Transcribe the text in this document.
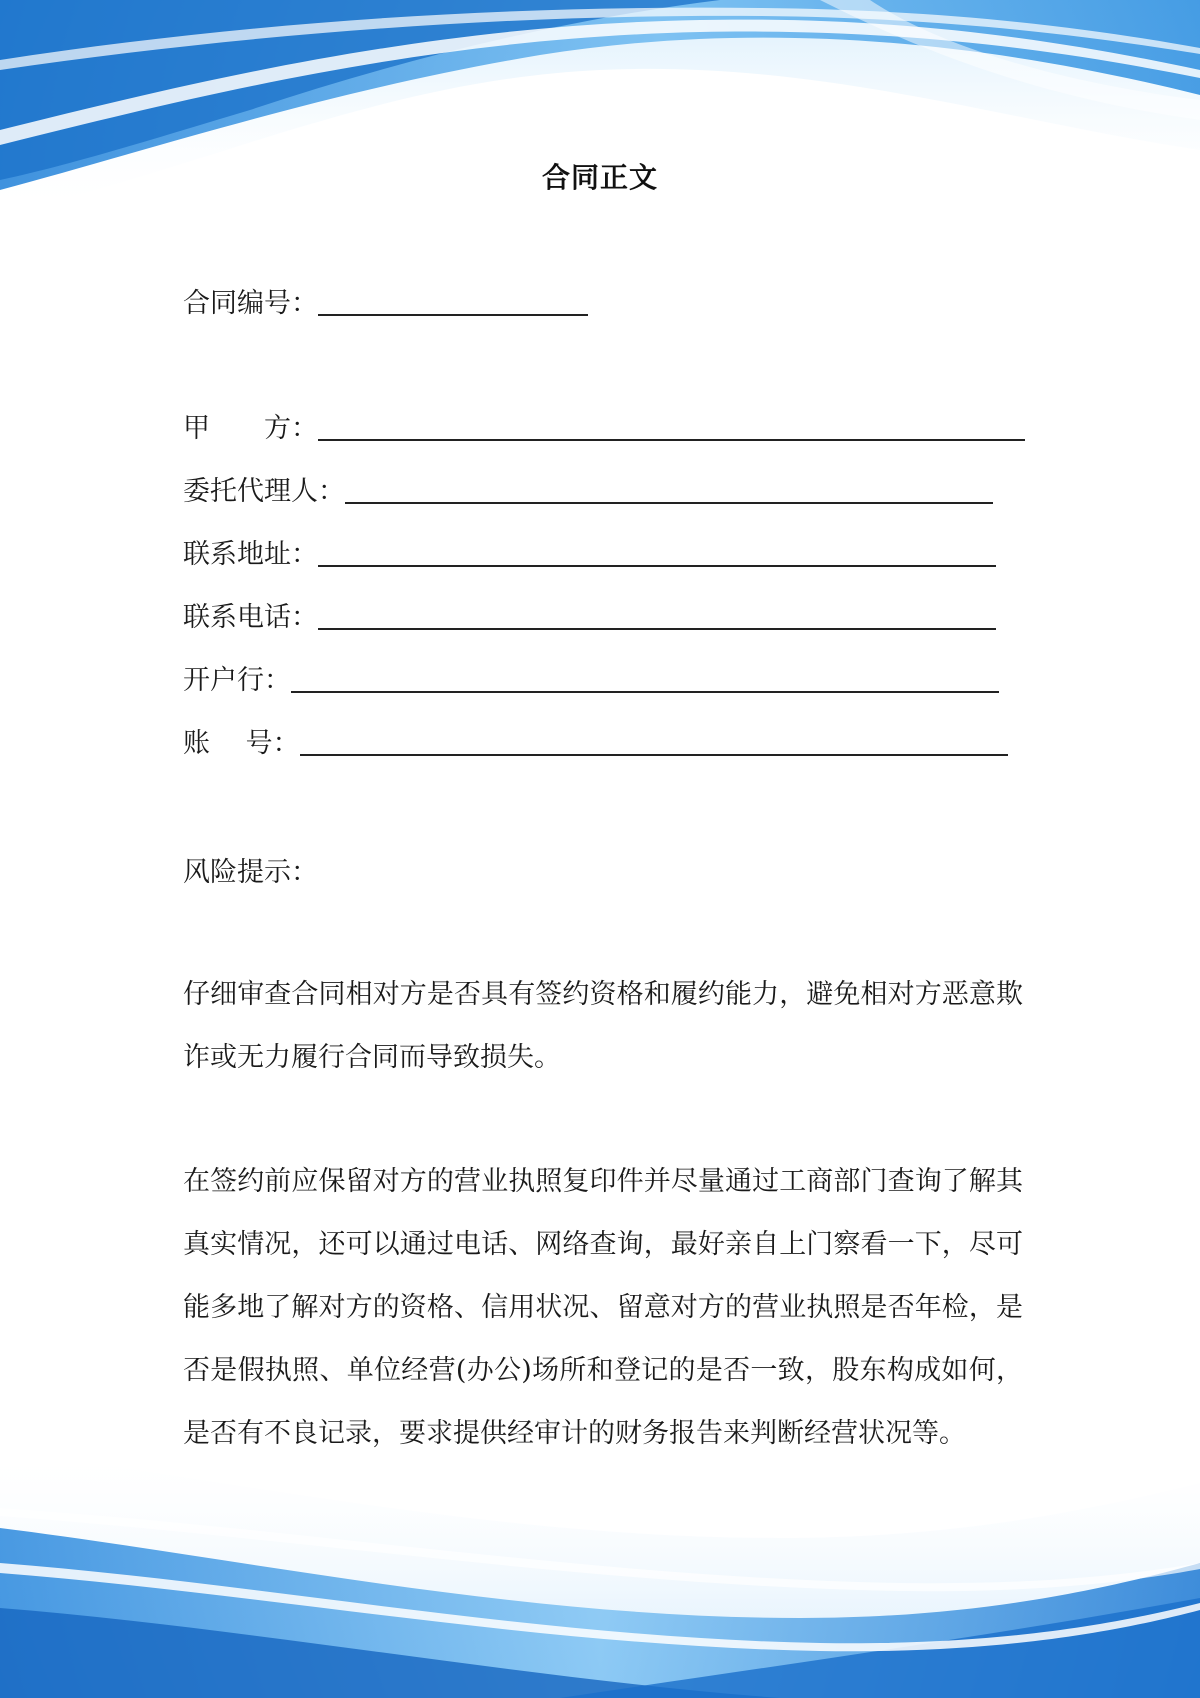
合同正文
合同编号：
甲　　方：
委托代理人：
联系地址：
联系电话：
开户行：
账　 号：
风险提示：
仔细审查合同相对方是否具有签约资格和履约能力，避免相对方恶意欺诈或无力履行合同而导致损失。
在签约前应保留对方的营业执照复印件并尽量通过工商部门查询了解其真实情况，还可以通过电话、网络查询，最好亲自上门察看一下，尽可能多地了解对方的资格、信用状况、留意对方的营业执照是否年检，是否是假执照、单位经营(办公)场所和登记的是否一致，股东构成如何，是否有不良记录，要求提供经审计的财务报告来判断经营状况等。
